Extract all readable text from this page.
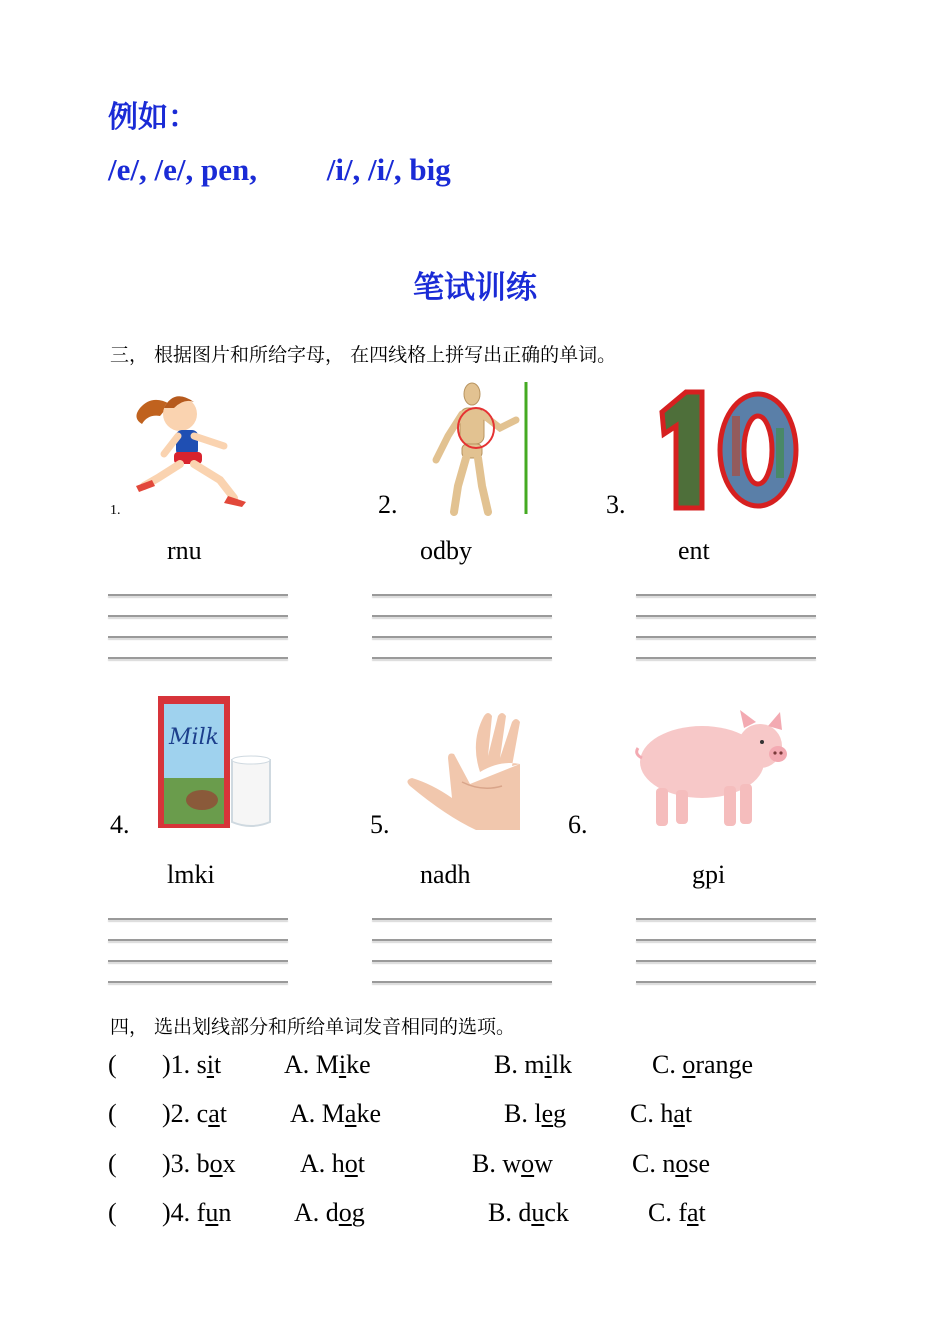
例如：
/e/, /e/, pen, /i/, /i/, big
笔试训练
三， 根据图片和所给字母， 在四线格上拼写出正确的单词。
1.
rnu
2.
odby
3.
ent
Milk
4.
lmki
5.
nadh
6.
gpi
四， 选出划线部分和所给单词发音相同的选项。
( )1. sit A. Mike	B. milk	C. orange
( )2. cat A. Make	B. leg C. hat
( )3. box A. hot	B. wow	C. nose
( )4. fun A. dog	B. duck	C. fat
